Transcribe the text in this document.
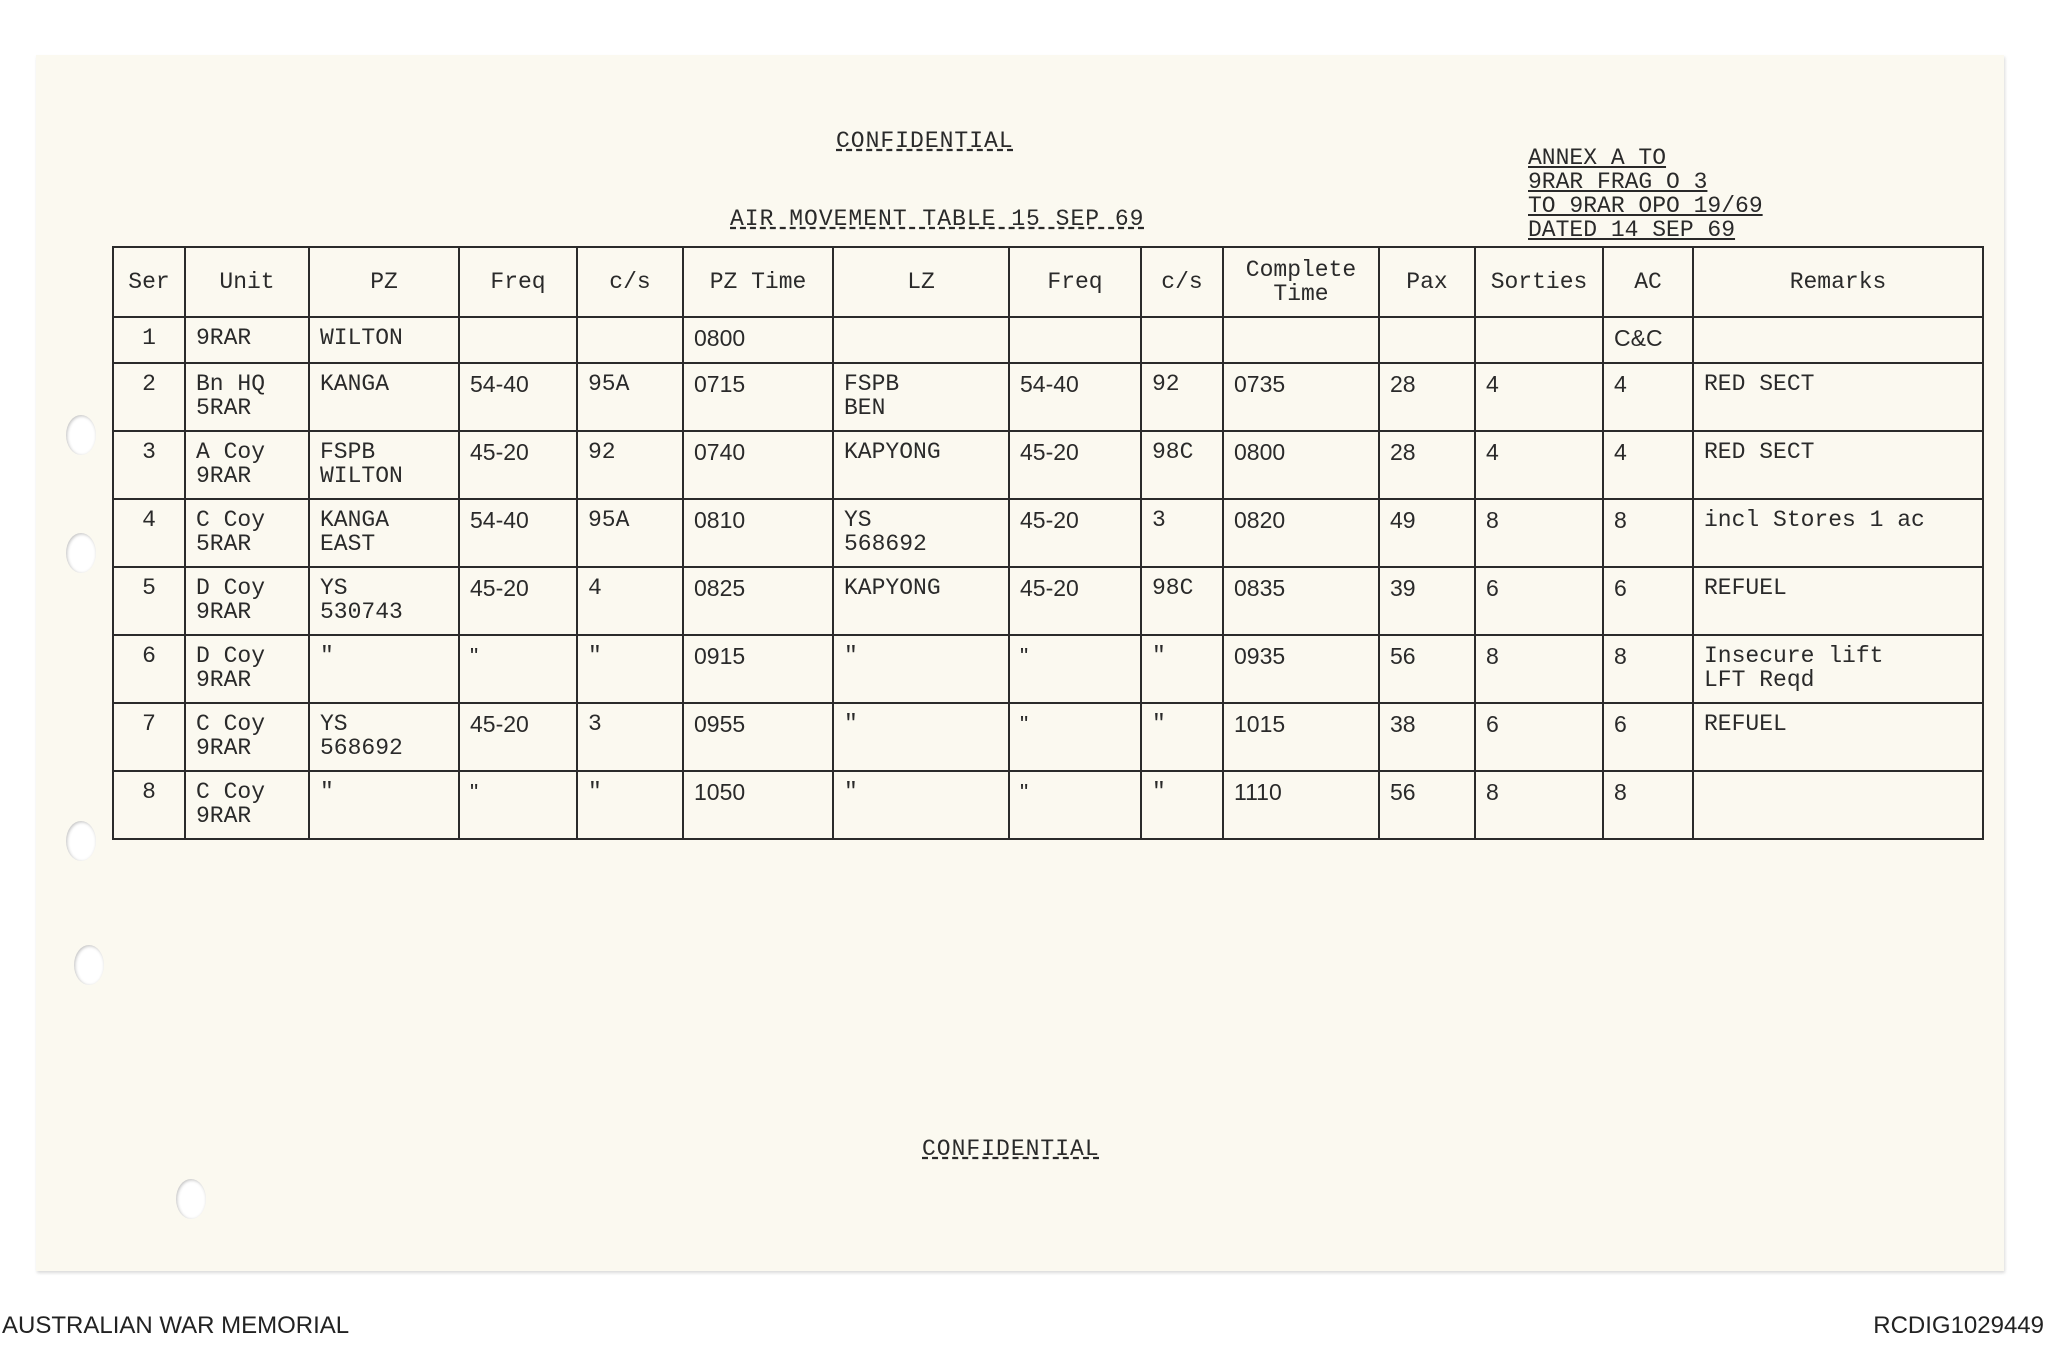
CONFIDENTIAL
AIR MOVEMENT TABLE 15 SEP 69
ANNEX A TO
9RAR FRAG O 3
TO 9RAR OPO 19/69
DATED 14 SEP 69
Ser	Unit	PZ	Freq	c/s	PZ Time	LZ	Freq	c/s	Complete
Time	Pax	Sorties	AC	Remarks
1	9RAR	WILTON			0800							C&C	
2	Bn HQ
5RAR	KANGA	54-40	95A	0715	FSPB
BEN	54-40	92	0735	28	4	4	RED SECT
3	A Coy
9RAR	FSPB
WILTON	45-20	92	0740	KAPYONG	45-20	98C	0800	28	4	4	RED SECT
4	C Coy
5RAR	KANGA
EAST	54-40	95A	0810	YS
568692	45-20	3	0820	49	8	8	incl Stores 1 ac
5	D Coy
9RAR	YS
530743	45-20	4	0825	KAPYONG	45-20	98C	0835	39	6	6	REFUEL
6	D Coy
9RAR	"	"	"	0915	"	"	"	0935	56	8	8	Insecure lift
LFT Reqd
7	C Coy
9RAR	YS
568692	45-20	3	0955	"	"	"	1015	38	6	6	REFUEL
8	C Coy
9RAR	"	"	"	1050	"	"	"	1110	56	8	8	
CONFIDENTIAL
AUSTRALIAN WAR MEMORIAL	RCDIG1029449
